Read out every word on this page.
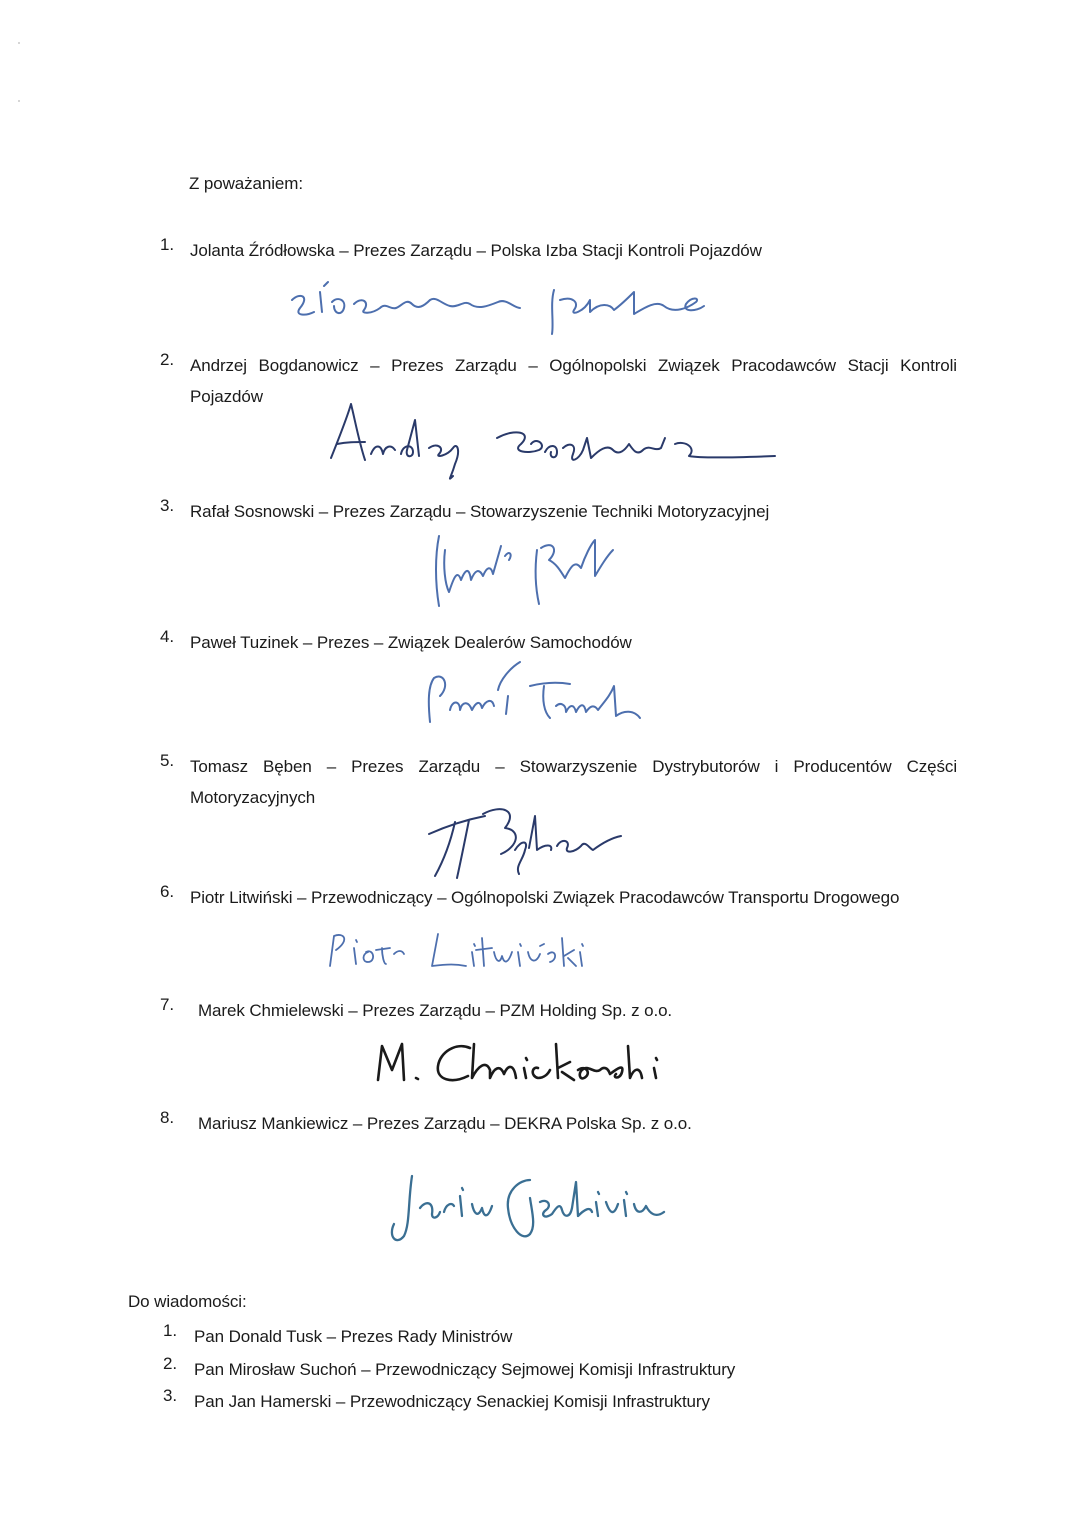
Z poważaniem:
1. Jolanta Źródłowska – Prezes Zarządu – Polska Izba Stacji Kontroli Pojazdów
2. Andrzej Bogdanowicz – Prezes Zarządu – Ogólnopolski Związek Pracodawców Stacji Kontroli Pojazdów
3. Rafał Sosnowski – Prezes Zarządu – Stowarzyszenie Techniki Motoryzacyjnej
4. Paweł Tuzinek – Prezes – Związek Dealerów Samochodów
5. Tomasz Bęben – Prezes Zarządu – Stowarzyszenie Dystrybutorów i Producentów Części Motoryzacyjnych
6. Piotr Litwiński – Przewodniczący – Ogólnopolski Związek Pracodawców Transportu Drogowego
7. Marek Chmielewski – Prezes Zarządu – PZM Holding Sp. z o.o.
8. Mariusz Mankiewicz – Prezes Zarządu – DEKRA Polska Sp. z o.o.
Do wiadomości:
1. Pan Donald Tusk – Prezes Rady Ministrów
2. Pan Mirosław Suchoń – Przewodniczący Sejmowej Komisji Infrastruktury
3. Pan Jan Hamerski – Przewodniczący Senackiej Komisji Infrastruktury
